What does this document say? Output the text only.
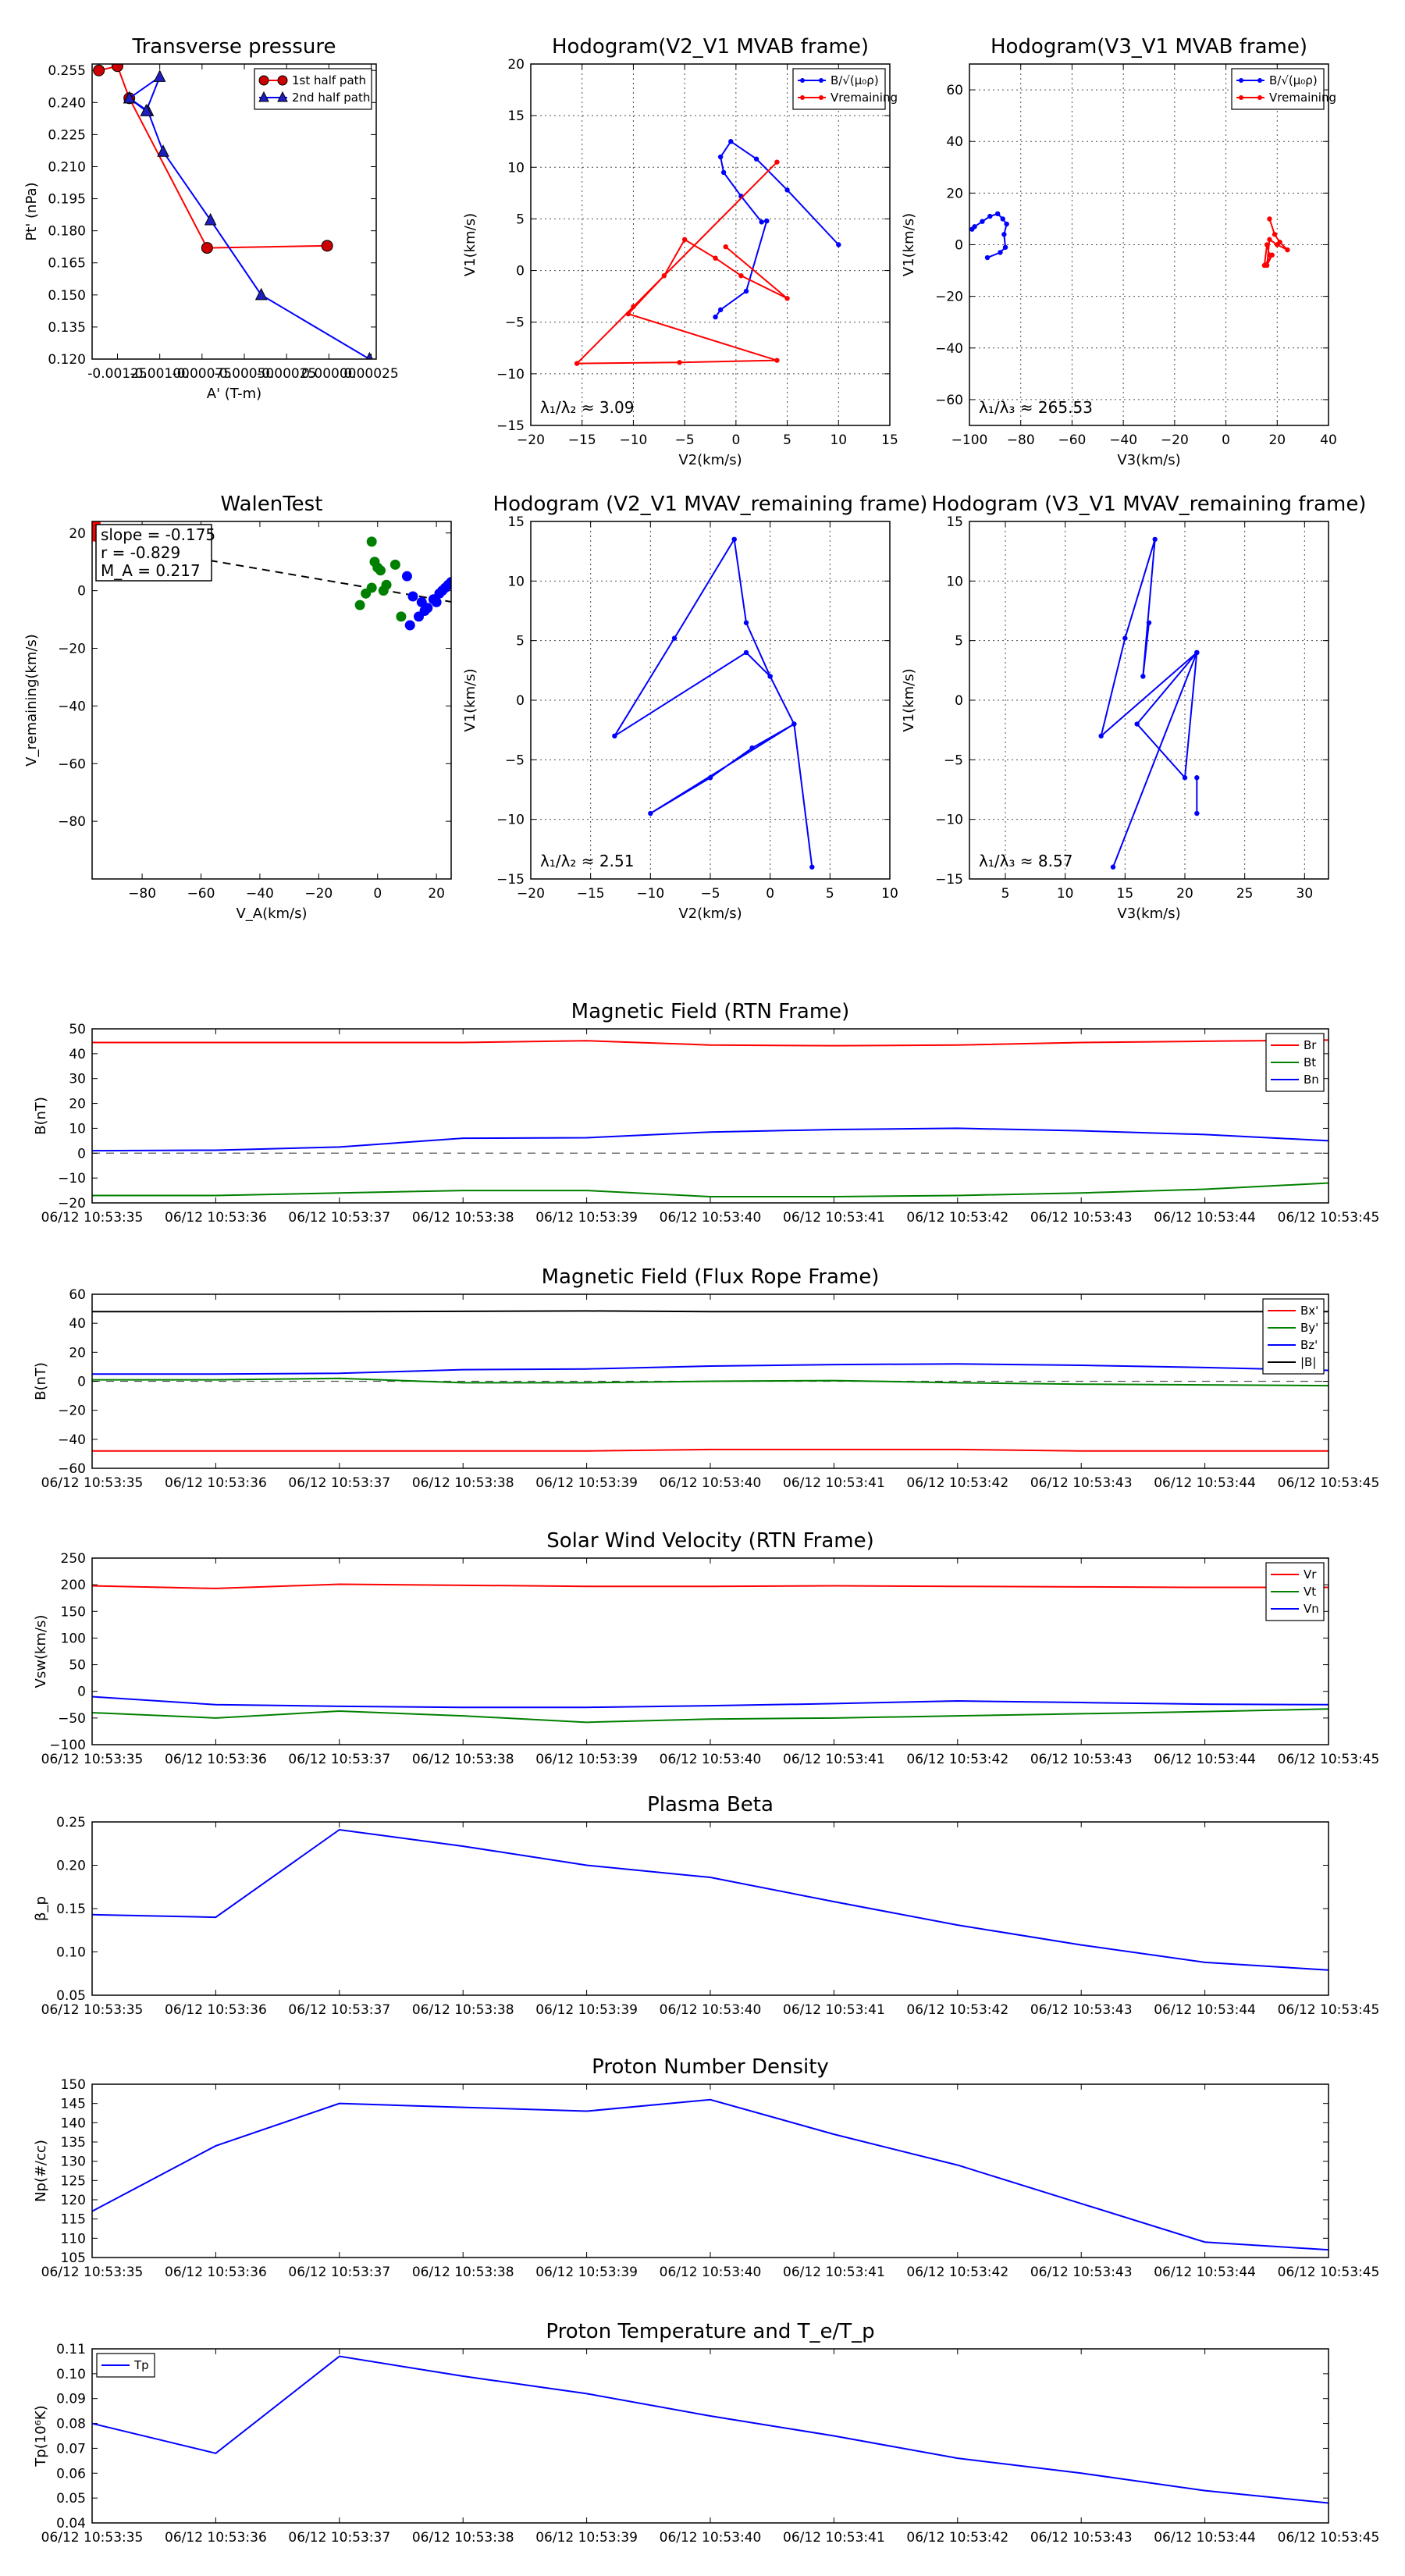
Transverse pressure
-0.00125
-0.00100
-0.00075
-0.00050
-0.00025
0.00000
0.00025
0.120
0.135
0.150
0.165
0.180
0.195
0.210
0.225
0.240
0.255
A' (T-m)
Pt' (nPa)
1st half path
2nd half path
Hodogram(V2_V1 MVAB frame)
−20 −15 −10 −5	0	5	10	15
−15
−10
−5
0
5
10
15
20
V2(km/s)
V1(km/s)
λ₁/λ₂ ≈ 3.09
B/√(μ₀ρ)
Vremaining
Hodogram(V3_V1 MVAB frame)
−100 −80 −60 −40 −20 0	20	40
−60
−40
−20
0
20
40
60
V3(km/s)
V1(km/s)
λ₁/λ₃ ≈ 265.53
B/√(μ₀ρ)
Vremaining
WalenTest
−80 −60 −40 −20	0	20
−80
−60
−40
−20
0
20
V_A(km/s)
V_remaining(km/s)
slope = -0.175
r = -0.829
M_A = 0.217
Hodogram (V2_V1 MVAV_remaining frame)
−20 −15 −10	−5	0	5	10
−15
−10
−5
0
5
10
15
V2(km/s)
V1(km/s)
λ₁/λ₂ ≈ 2.51
Hodogram (V3_V1 MVAV_remaining frame)
5	10	15	20	25	30
−15
−10
−5
0
5
10
15
V3(km/s)
V1(km/s)
λ₁/λ₃ ≈ 8.57
Magnetic Field (RTN Frame)
06/12 10:53:35 06/12 10:53:36 06/12 10:53:37 06/12 10:53:38 06/12 10:53:39 06/12 10:53:40 06/12 10:53:41 06/12 10:53:42 06/12 10:53:43 06/12 10:53:44 06/12 10:53:45
−20
−10
0
10
20
30
40
50
B(nT)
Br
Bt
Bn
Magnetic Field (Flux Rope Frame)
06/12 10:53:35 06/12 10:53:36 06/12 10:53:37 06/12 10:53:38 06/12 10:53:39 06/12 10:53:40 06/12 10:53:41 06/12 10:53:42 06/12 10:53:43 06/12 10:53:44 06/12 10:53:45
−60
−40
−20
0
20
40
60
B(nT)
Bx'
By'
Bz'
|B|
Solar Wind Velocity (RTN Frame)
06/12 10:53:35 06/12 10:53:36 06/12 10:53:37 06/12 10:53:38 06/12 10:53:39 06/12 10:53:40 06/12 10:53:41 06/12 10:53:42 06/12 10:53:43 06/12 10:53:44 06/12 10:53:45
−100
−50
0
50
100
150
200
250
Vsw(km/s)
Vr
Vt
Vn
Plasma Beta
06/12 10:53:35 06/12 10:53:36 06/12 10:53:37 06/12 10:53:38 06/12 10:53:39 06/12 10:53:40 06/12 10:53:41 06/12 10:53:42 06/12 10:53:43 06/12 10:53:44 06/12 10:53:45
0.05
0.10
0.15
0.20
0.25
β_p
Proton Number Density
06/12 10:53:35 06/12 10:53:36 06/12 10:53:37 06/12 10:53:38 06/12 10:53:39 06/12 10:53:40 06/12 10:53:41 06/12 10:53:42 06/12 10:53:43 06/12 10:53:44 06/12 10:53:45
105
110
115
120
125
130
135
140
145
150
Np(#/cc)
Proton Temperature and T_e/T_p
06/12 10:53:35 06/12 10:53:36 06/12 10:53:37 06/12 10:53:38 06/12 10:53:39 06/12 10:53:40 06/12 10:53:41 06/12 10:53:42 06/12 10:53:43 06/12 10:53:44 06/12 10:53:45
0.04
0.05
0.06
0.07
0.08
0.09
0.10
0.11
Tp(10⁶K)
Tp
